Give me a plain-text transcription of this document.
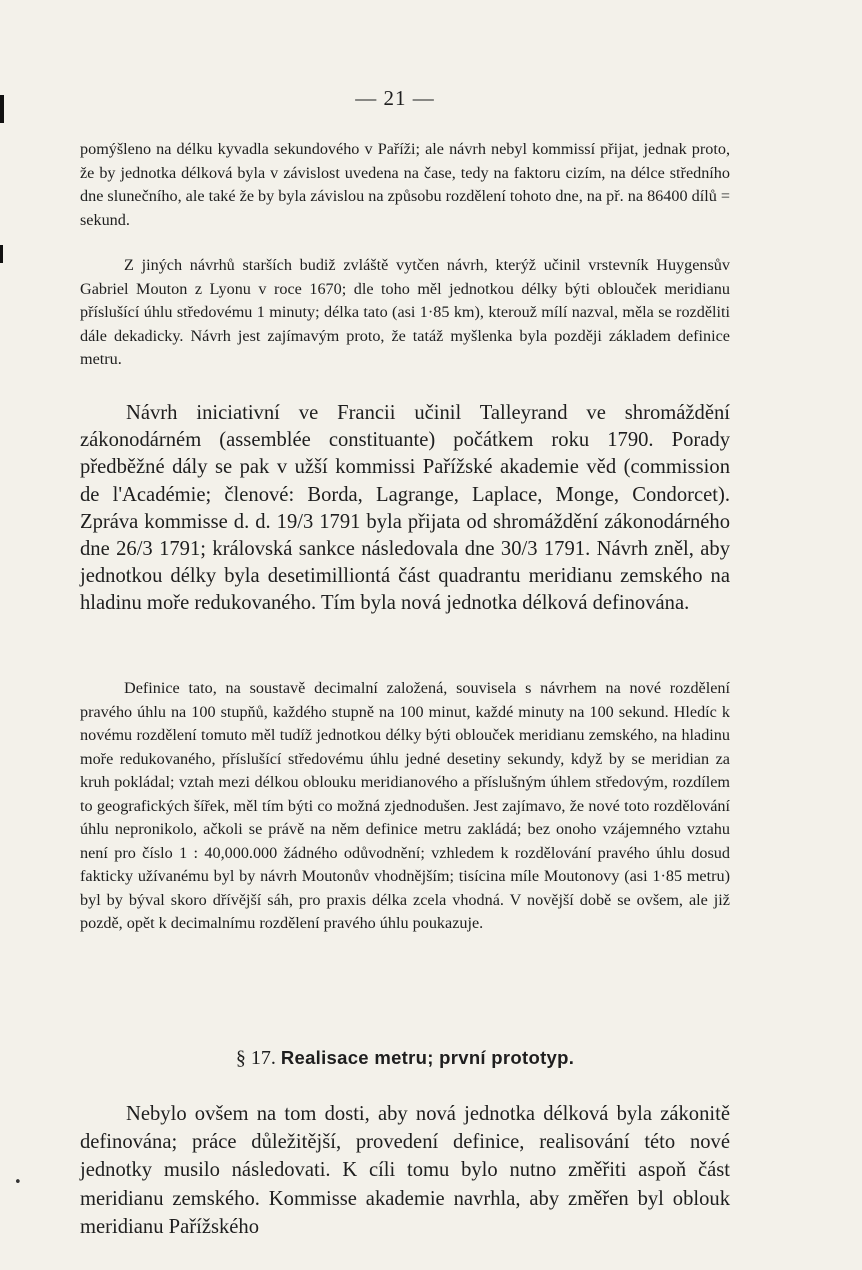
•
— 21 —

pomýšleno na délku kyvadla sekundového v Paříži; ale návrh nebyl kommissí přijat, jednak proto, že by jednotka délková byla v závislost uvedena na čase, tedy na faktoru cizím, na délce středního dne slunečního, ale také že by byla závislou na způsobu rozdělení tohoto dne, na př. na 86400 dílů = sekund.

Z jiných návrhů starších budiž zvláště vytčen návrh, kterýž učinil vrstevník Huygensův Gabriel Mouton z Lyonu v roce 1670; dle toho měl jednotkou délky býti oblouček meridianu příslušící úhlu středovému 1 minuty; délka tato (asi 1·85 km), kterouž mílí nazval, měla se rozděliti dále dekadicky. Návrh jest zajímavým proto, že tatáž myšlenka byla později základem definice metru.

Návrh iniciativní ve Francii učinil Talleyrand ve shromáždění zákonodárném (assemblée constituante) počátkem roku 1790. Porady předběžné dály se pak v užší kommissi Pařížské akademie věd (commission de l'Académie; členové: Borda, Lagrange, Laplace, Monge, Condorcet). Zpráva kommisse d. d. 19/3 1791 byla přijata od shromáždění zákonodárného dne 26/3 1791; královská sankce následovala dne 30/3 1791. Návrh zněl, aby jednotkou délky byla desetimilliontá část quadrantu meridianu zemského na hladinu moře redukovaného. Tím byla nová jednotka délková definována.

Definice tato, na soustavě decimalní založená, souvisela s návrhem na nové rozdělení pravého úhlu na 100 stupňů, každého stupně na 100 minut, každé minuty na 100 sekund. Hledíc k novému rozdělení tomuto měl tudíž jednotkou délky býti oblouček meridianu zemského, na hladinu moře redukovaného, příslušící středovému úhlu jedné desetiny sekundy, když by se meridian za kruh pokládal; vztah mezi délkou oblouku meridianového a příslušným úhlem středovým, rozdílem to geografických šířek, měl tím býti co možná zjednodušen. Jest zajímavo, že nové toto rozdělování úhlu nepronikolo, ačkoli se právě na něm definice metru zakládá; bez onoho vzájemného vztahu není pro číslo 1 : 40,000.000 žádného odůvodnění; vzhledem k rozdělování pravého úhlu dosud fakticky užívanému byl by návrh Moutonův vhodnějším; tisícina míle Moutonovy (asi 1·85 metru) byl by býval skoro dřívější sáh, pro praxis délka zcela vhodná. V novější době se ovšem, ale již pozdě, opět k decimalnímu rozdělení pravého úhlu poukazuje.

§ 17. Realisace metru; první prototyp.

Nebylo ovšem na tom dosti, aby nová jednotka délková byla zákonitě definována; práce důležitější, provedení definice, realisování této nové jednotky musilo následovati. K cíli tomu bylo nutno změřiti aspoň část meridianu zemského. Kommisse akademie navrhla, aby změřen byl oblouk meridianu Pařížského
